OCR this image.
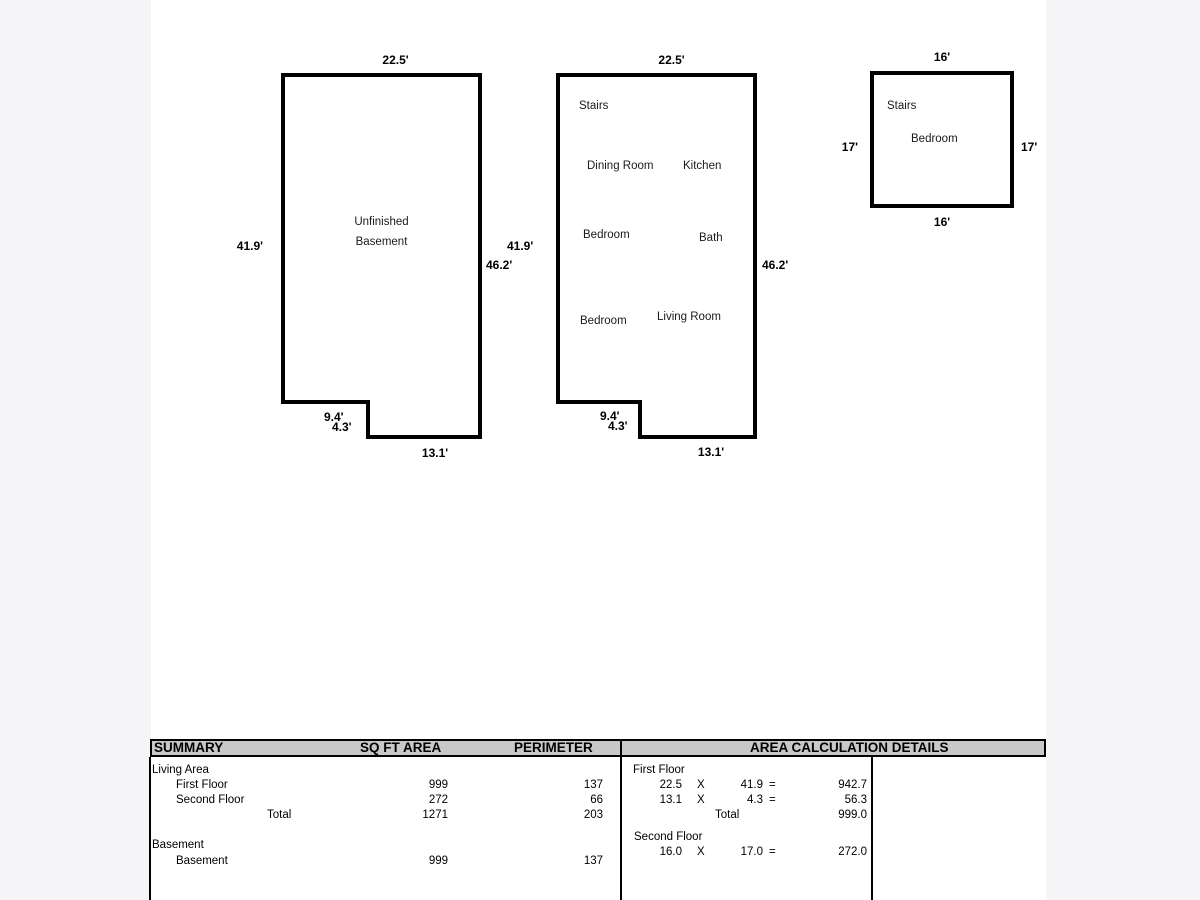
22.5'
41.9'
Unfinished
Basement	41.9'
46.2'
9.4'
4.3'
13.1'
22.5'
Stairs
Dining Room	Kitchen
Bedroom	Bath
Bedroom	Living Room
46.2'
9.4'
4.3'
13.1'
16'
17'	17'
16'
Stairs
Bedroom
SUMMARY	SQ FT AREA	PERIMETER	AREA CALCULATION DETAILS
Living Area
First Floor	999	137
Second Floor	272	66
Total	1271	203
Basement
Basement	999	137
First Floor
22.5 X	41.9 =	942.7
13.1 X	4.3 =	56.3
Total	999.0
Second Floor
16.0 X	17.0 =	272.0
